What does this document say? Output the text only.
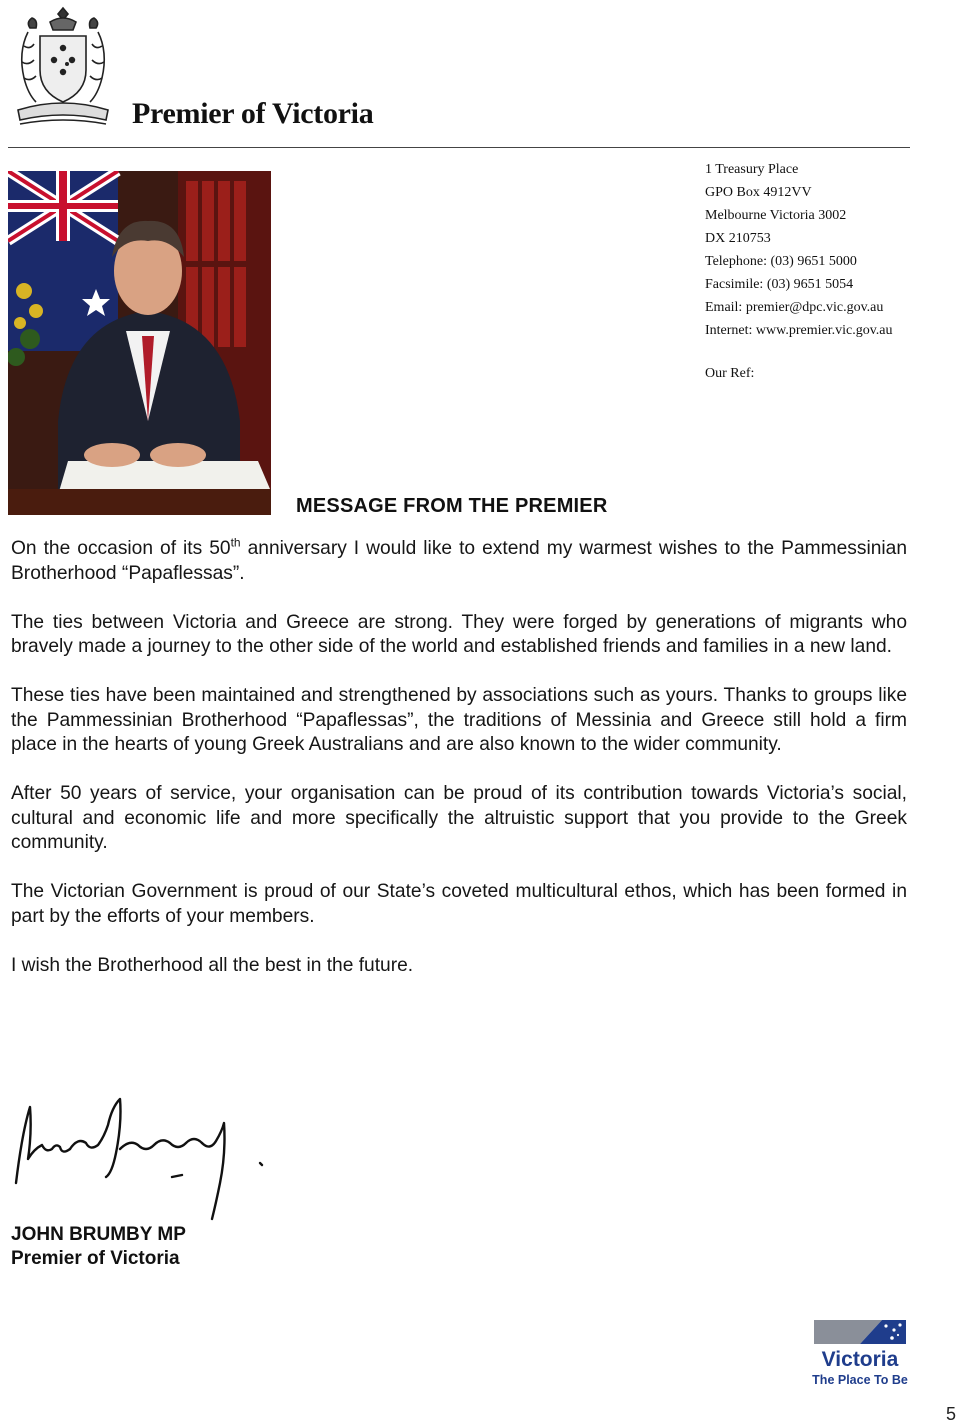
Premier of Victoria
1 Treasury Place
GPO Box 4912VV
Melbourne Victoria 3002
DX 210753
Telephone: (03) 9651 5000
Facsimile: (03) 9651 5054
Email: premier@dpc.vic.gov.au
Internet: www.premier.vic.gov.au
Our Ref:
MESSAGE FROM THE PREMIER

On the occasion of its 50th anniversary I would like to extend my warmest wishes to the Pammessinian Brotherhood “Papaflessas”.

The ties between Victoria and Greece are strong. They were forged by generations of migrants who bravely made a journey to the other side of the world and established friends and families in a new land.

These ties have been maintained and strengthened by associations such as yours. Thanks to groups like the Pammessinian Brotherhood “Papaflessas”, the traditions of Messinia and Greece still hold a firm place in the hearts of young Greek Australians and are also known to the wider community.

After 50 years of service, your organisation can be proud of its contribution towards Victoria’s social, cultural and economic life and more specifically the altruistic support that you provide to the Greek community.

The Victorian Government is proud of our State’s coveted multicultural ethos, which has been formed in part by the efforts of your members.

I wish the Brotherhood all the best in the future.

JOHN BRUMBY MP
Premier of Victoria
Victoria
The Place To Be
5
